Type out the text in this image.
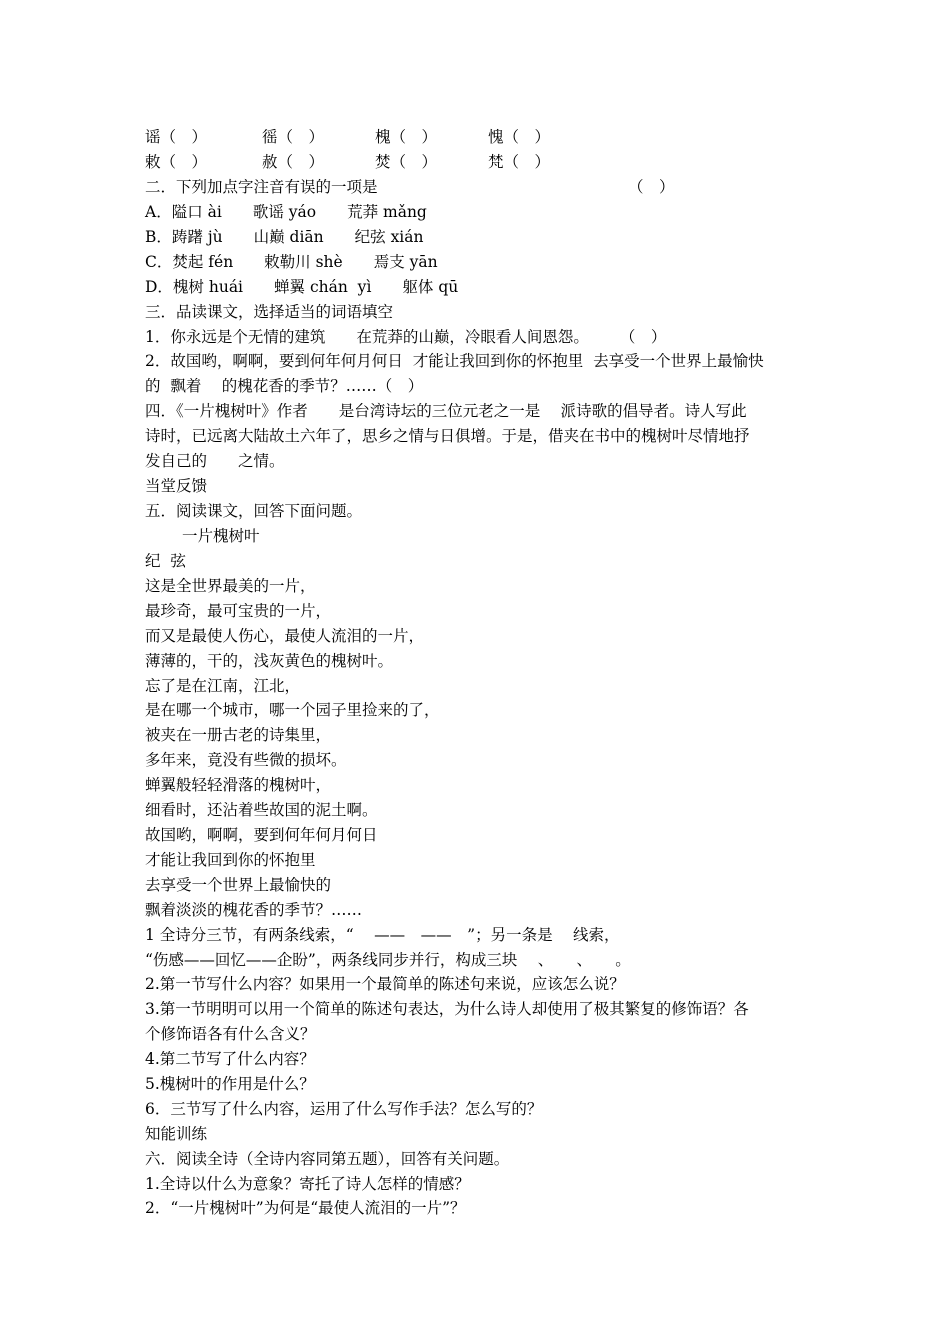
谣（　）	徭（　）	槐（　）	愧（　）
敕（　）	赦（　）	焚（　）	梵（　）
二．下列加点字注音有误的一项是	（　）
A．隘口 ài　　歌谣 yáo　　荒莽 mǎng
B．踌躇 jù　　山巅 diān　　纪弦 xián
C．焚起 fén　　敕勒川 shè　　焉支 yān
D．槐树 huái　　蝉翼 chán  yì　　躯体 qū
三．品读课文，选择适当的词语填空
1．你永远是个无情的建筑　　在荒莽的山巅，冷眼看人间恩怨。　　　（　）
2．故国哟，啊啊，要到何年何月何日  才能让我回到你的怀抱里  去享受一个世界上最愉快
的  飘着　 的槐花香的季节？……（　）
四．《一片槐树叶》作者　　是台湾诗坛的三位元老之一是　 派诗歌的倡导者。诗人写此
诗时，已远离大陆故土六年了，思乡之情与日俱增。于是，借夹在书中的槐树叶尽情地抒
发自己的　　之情。
当堂反馈
五．阅读课文，回答下面问题。
一片槐树叶
纪  弦
这是全世界最美的一片，
最珍奇，最可宝贵的一片，
而又是最使人伤心，最使人流泪的一片，
薄薄的，干的，浅灰黄色的槐树叶。
忘了是在江南，江北，
是在哪一个城市，哪一个园子里捡来的了，
被夹在一册古老的诗集里，
多年来，竟没有些微的损坏。
蝉翼般轻轻滑落的槐树叶，
细看时，还沾着些故国的泥土啊。
故国哟，啊啊，要到何年何月何日
才能让我回到你的怀抱里
去享受一个世界上最愉快的
飘着淡淡的槐花香的季节？……
1 全诗分三节，有两条线索，“　 ——　——　”；另一条是　 线索，
“伤感——回忆——企盼”，两条线同步并行，构成三块　 、　　、　　。
2.第一节写什么内容？如果用一个最简单的陈述句来说，应该怎么说？
3.第一节明明可以用一个简单的陈述句表达，为什么诗人却使用了极其繁复的修饰语？各
个修饰语各有什么含义？
4.第二节写了什么内容？
5.槐树叶的作用是什么？
6．三节写了什么内容，运用了什么写作手法？怎么写的？
知能训练
六．阅读全诗（全诗内容同第五题），回答有关问题。
1.全诗以什么为意象？寄托了诗人怎样的情感？
2．“一片槐树叶”为何是“最使人流泪的一片”？
